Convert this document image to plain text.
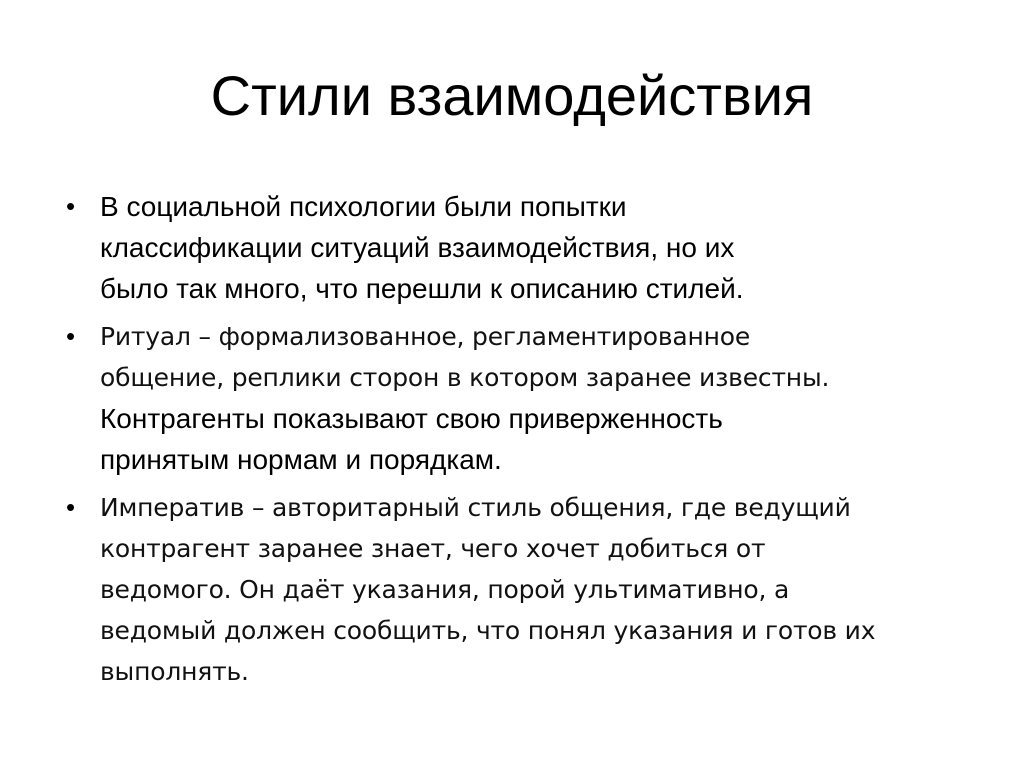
Стили взаимодействия
• В социальной психологии были попытки
классификации ситуаций взаимодействия, но их
было так много, что перешли к описанию стилей.
• Ритуал – формализованное, регламентированное
общение, реплики сторон в котором заранее известны.
Контрагенты показывают свою приверженность
принятым нормам и порядкам.
• Императив – авторитарный стиль общения, где ведущий
контрагент заранее знает, чего хочет добиться от
ведомого. Он даёт указания, порой ультимативно, а
ведомый должен сообщить, что понял указания и готов их
выполнять.
